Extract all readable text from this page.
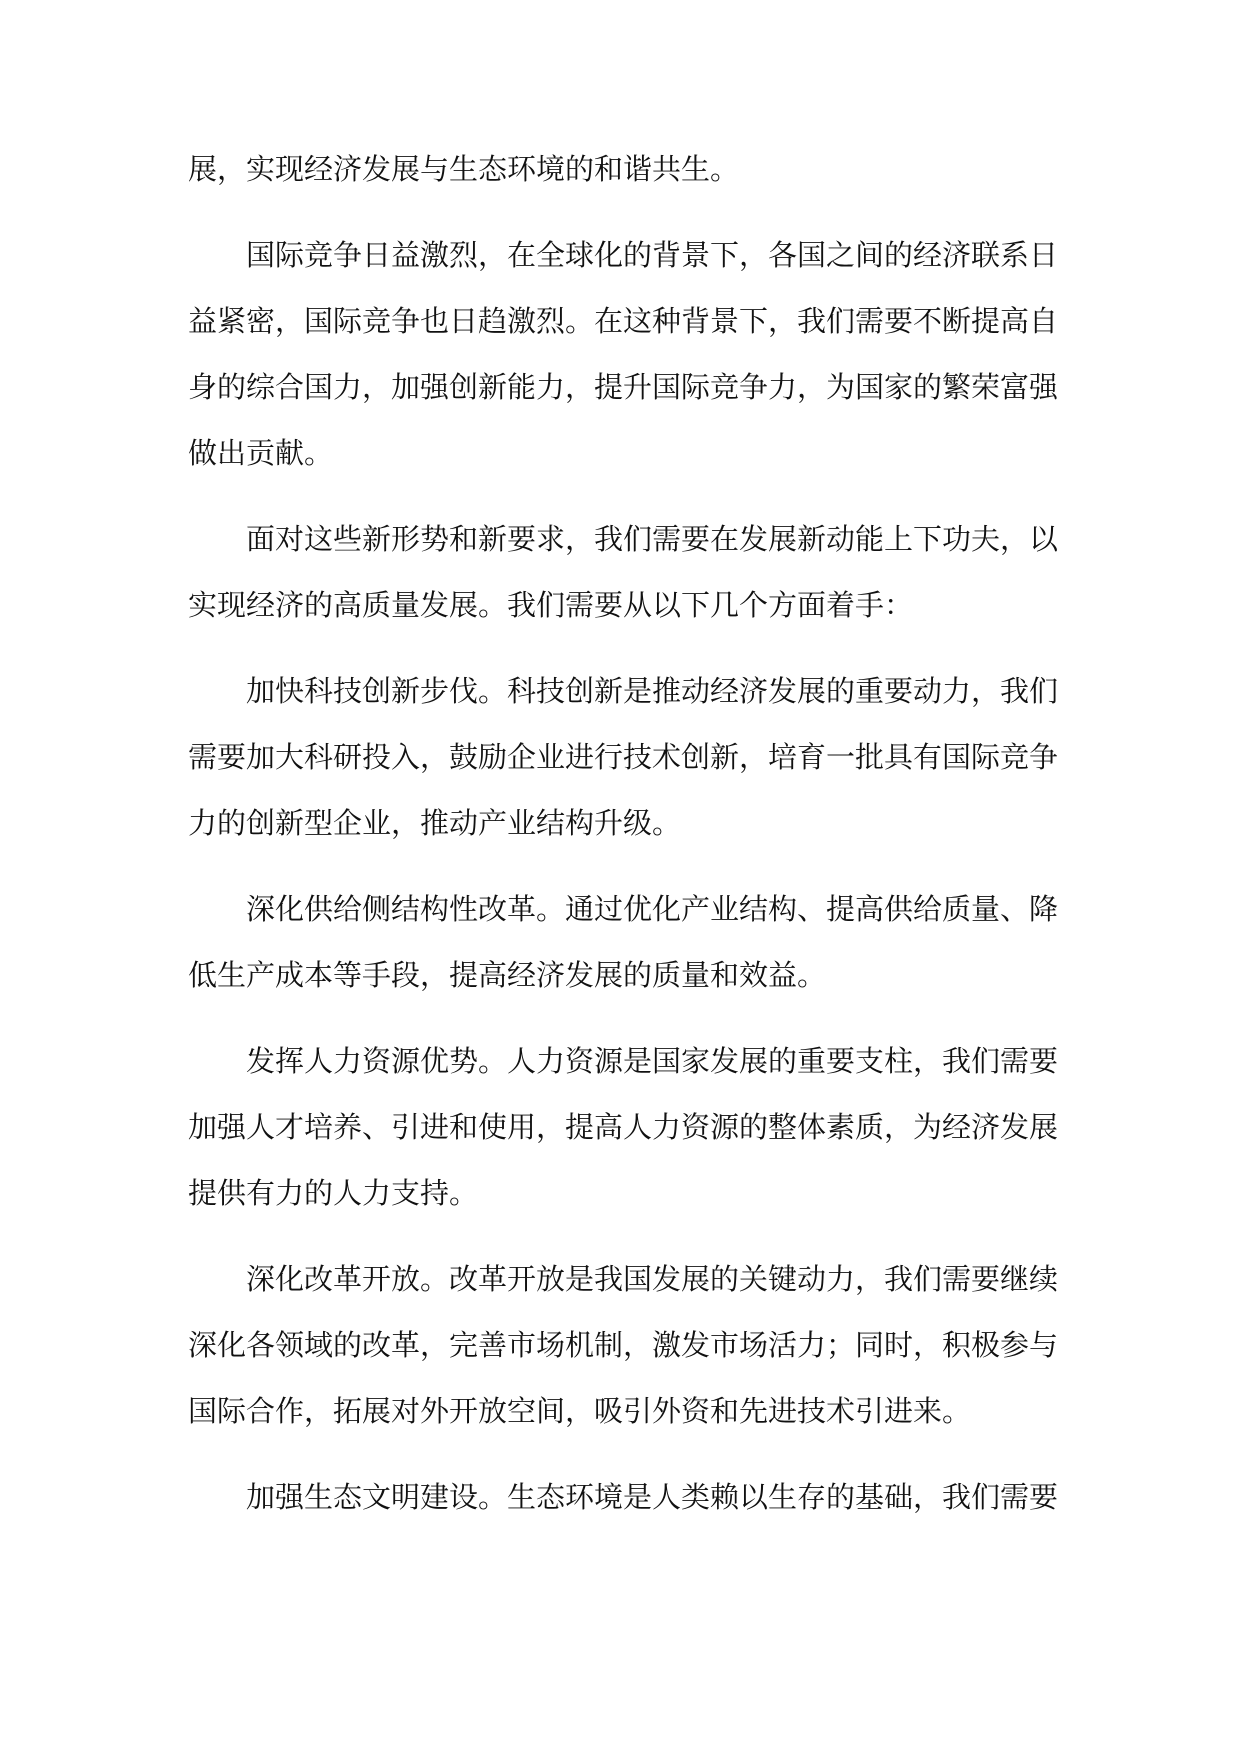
展，实现经济发展与生态环境的和谐共生。
国际竞争日益激烈，在全球化的背景下，各国之间的经济联系日
益紧密，国际竞争也日趋激烈。在这种背景下，我们需要不断提高自
身的综合国力，加强创新能力，提升国际竞争力，为国家的繁荣富强
做出贡献。
面对这些新形势和新要求，我们需要在发展新动能上下功夫，以
实现经济的高质量发展。我们需要从以下几个方面着手：
加快科技创新步伐。科技创新是推动经济发展的重要动力，我们
需要加大科研投入，鼓励企业进行技术创新，培育一批具有国际竞争
力的创新型企业，推动产业结构升级。
深化供给侧结构性改革。通过优化产业结构、提高供给质量、降
低生产成本等手段，提高经济发展的质量和效益。
发挥人力资源优势。人力资源是国家发展的重要支柱，我们需要
加强人才培养、引进和使用，提高人力资源的整体素质，为经济发展
提供有力的人力支持。
深化改革开放。改革开放是我国发展的关键动力，我们需要继续
深化各领域的改革，完善市场机制，激发市场活力；同时，积极参与
国际合作，拓展对外开放空间，吸引外资和先进技术引进来。
加强生态文明建设。生态环境是人类赖以生存的基础，我们需要
